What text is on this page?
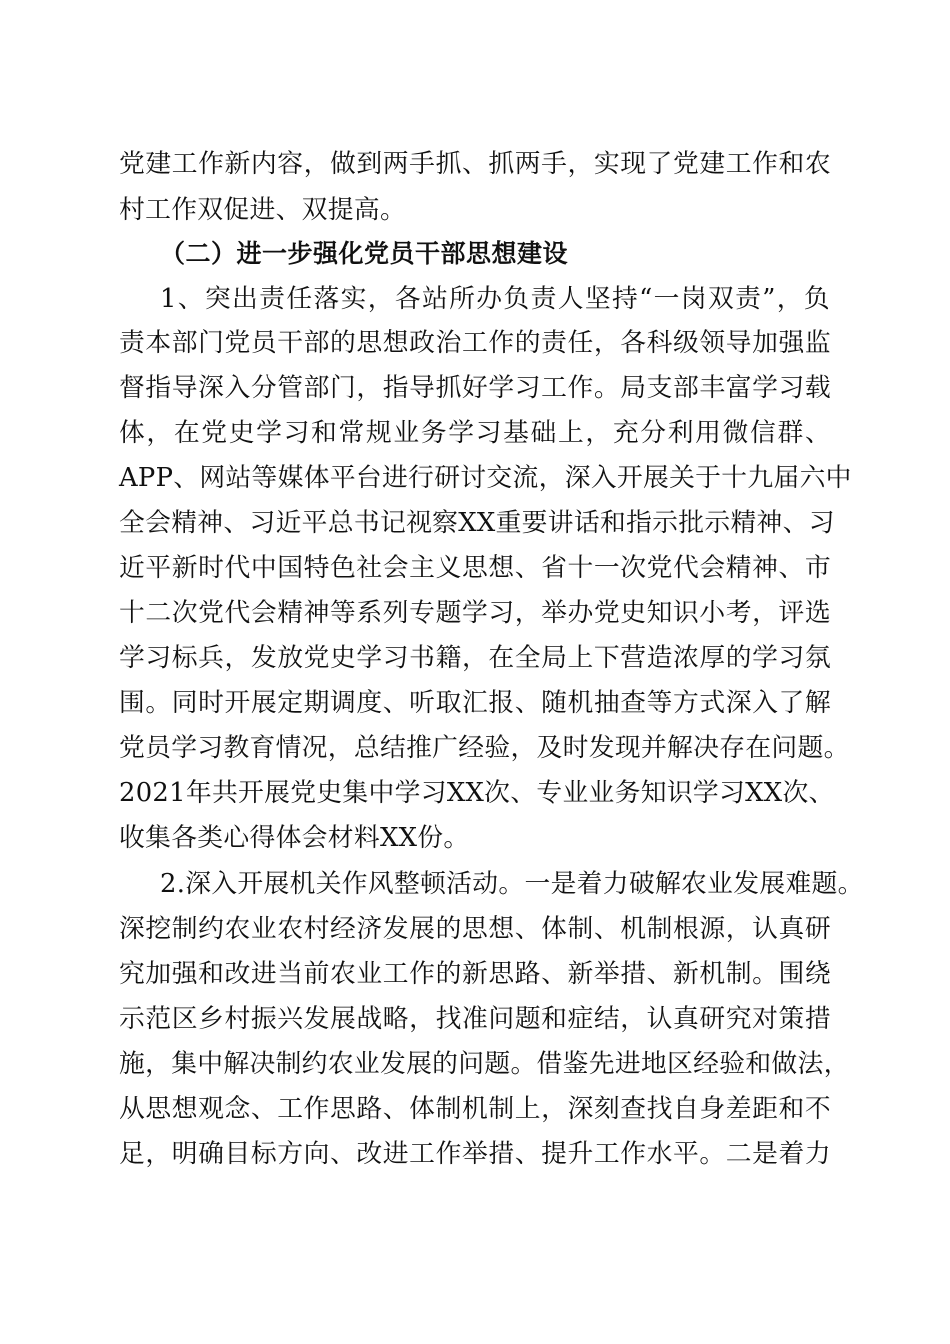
党建工作新内容，做到两手抓、抓两手，实现了党建工作和农
村工作双促进、双提高。
（二）进一步强化党员干部思想建设
1、突出责任落实，各站所办负责人坚持“一岗双责”，负
责本部门党员干部的思想政治工作的责任，各科级领导加强监
督指导深入分管部门，指导抓好学习工作。局支部丰富学习载
体，在党史学习和常规业务学习基础上，充分利用微信群、
APP、网站等媒体平台进行研讨交流，深入开展关于十九届六中
全会精神、习近平总书记视察XX重要讲话和指示批示精神、习
近平新时代中国特色社会主义思想、省十一次党代会精神、市
十二次党代会精神等系列专题学习，举办党史知识小考，评选
学习标兵，发放党史学习书籍，在全局上下营造浓厚的学习氛
围。同时开展定期调度、听取汇报、随机抽查等方式深入了解
党员学习教育情况，总结推广经验，及时发现并解决存在问题。
2021年共开展党史集中学习XX次、专业业务知识学习XX次、
收集各类心得体会材料XX份。
2.深入开展机关作风整顿活动。一是着力破解农业发展难题。
深挖制约农业农村经济发展的思想、体制、机制根源，认真研
究加强和改进当前农业工作的新思路、新举措、新机制。围绕
示范区乡村振兴发展战略，找准问题和症结，认真研究对策措
施，集中解决制约农业发展的问题。借鉴先进地区经验和做法，
从思想观念、工作思路、体制机制上，深刻查找自身差距和不
足，明确目标方向、改进工作举措、提升工作水平。二是着力
